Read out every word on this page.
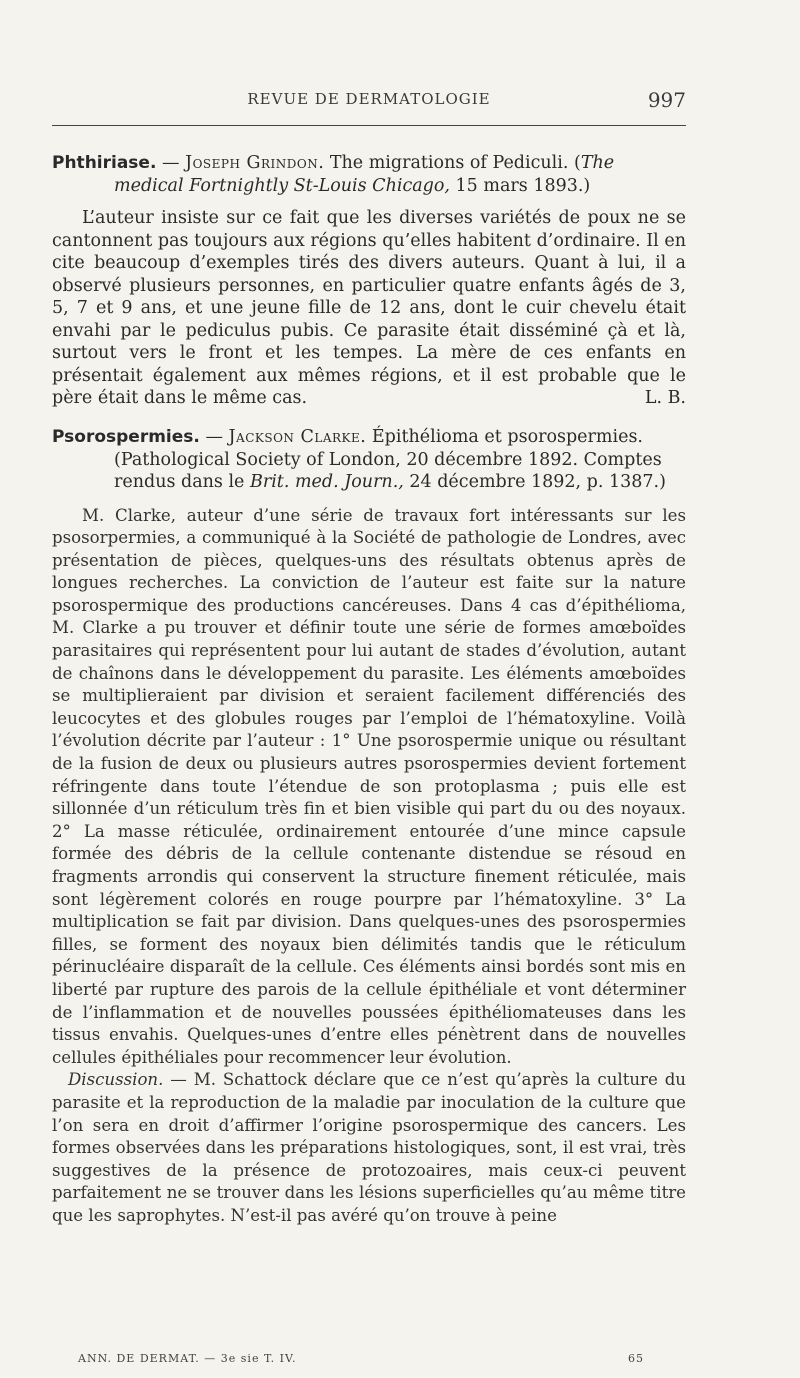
REVUE DE DERMATOLOGIE	997

Phthiriase. — Joseph Grindon. The migrations of Pediculi. (The medical Fortnightly St-Louis Chicago, 15 mars 1893.)

L’auteur insiste sur ce fait que les diverses variétés de poux ne se cantonnent pas toujours aux régions qu’elles habitent d’ordinaire. Il en cite beaucoup d’exemples tirés des divers auteurs. Quant à lui, il a observé plusieurs personnes, en particulier quatre enfants âgés de 3, 5, 7 et 9 ans, et une jeune fille de 12 ans, dont le cuir chevelu était envahi par le pediculus pubis. Ce parasite était disséminé çà et là, surtout vers le front et les tempes. La mère de ces enfants en présentait également aux mêmes régions, et il est probable que le père était dans le même cas.	L. B.

Psorospermies. — Jackson Clarke. Épithélioma et psorospermies. (Pathological Society of London, 20 décembre 1892. Comptes rendus dans le Brit. med. Journ., 24 décembre 1892, p. 1387.)

M. Clarke, auteur d’une série de travaux fort intéressants sur les psosorpermies, a communiqué à la Société de pathologie de Londres, avec présentation de pièces, quelques-uns des résultats obtenus après de longues recherches. La conviction de l’auteur est faite sur la nature psorospermique des productions cancéreuses. Dans 4 cas d’épithélioma, M. Clarke a pu trouver et définir toute une série de formes amœboïdes parasitaires qui représentent pour lui autant de stades d’évolution, autant de chaînons dans le développement du parasite. Les éléments amœboïdes se multiplieraient par division et seraient facilement différenciés des leucocytes et des globules rouges par l’emploi de l’hématoxyline. Voilà l’évolution décrite par l’auteur : 1° Une psorospermie unique ou résultant de la fusion de deux ou plusieurs autres psorospermies devient fortement réfringente dans toute l’étendue de son protoplasma ; puis elle est sillonnée d’un réticulum très fin et bien visible qui part du ou des noyaux. 2° La masse réticulée, ordinairement entourée d’une mince capsule formée des débris de la cellule contenante distendue se résoud en fragments arrondis qui conservent la structure finement réticulée, mais sont légèrement colorés en rouge pourpre par l’hématoxyline. 3° La multiplication se fait par division. Dans quelques-unes des psorospermies filles, se forment des noyaux bien délimités tandis que le réticulum périnucléaire disparaît de la cellule. Ces éléments ainsi bordés sont mis en liberté par rupture des parois de la cellule épithéliale et vont déterminer de l’inflammation et de nouvelles poussées épithéliomateuses dans les tissus envahis. Quelques-unes d’entre elles pénètrent dans de nouvelles cellules épithéliales pour recommencer leur évolution.

Discussion. — M. Schattock déclare que ce n’est qu’après la culture du parasite et la reproduction de la maladie par inoculation de la culture que l’on sera en droit d’affirmer l’origine psorospermique des cancers. Les formes observées dans les préparations histologiques, sont, il est vrai, très suggestives de la présence de protozoaires, mais ceux-ci peuvent parfaitement ne se trouver dans les lésions superficielles qu’au même titre que les saprophytes. N’est-il pas avéré qu’on trouve à peine

ANN. DE DERMAT. — 3e sie T. IV.	65
